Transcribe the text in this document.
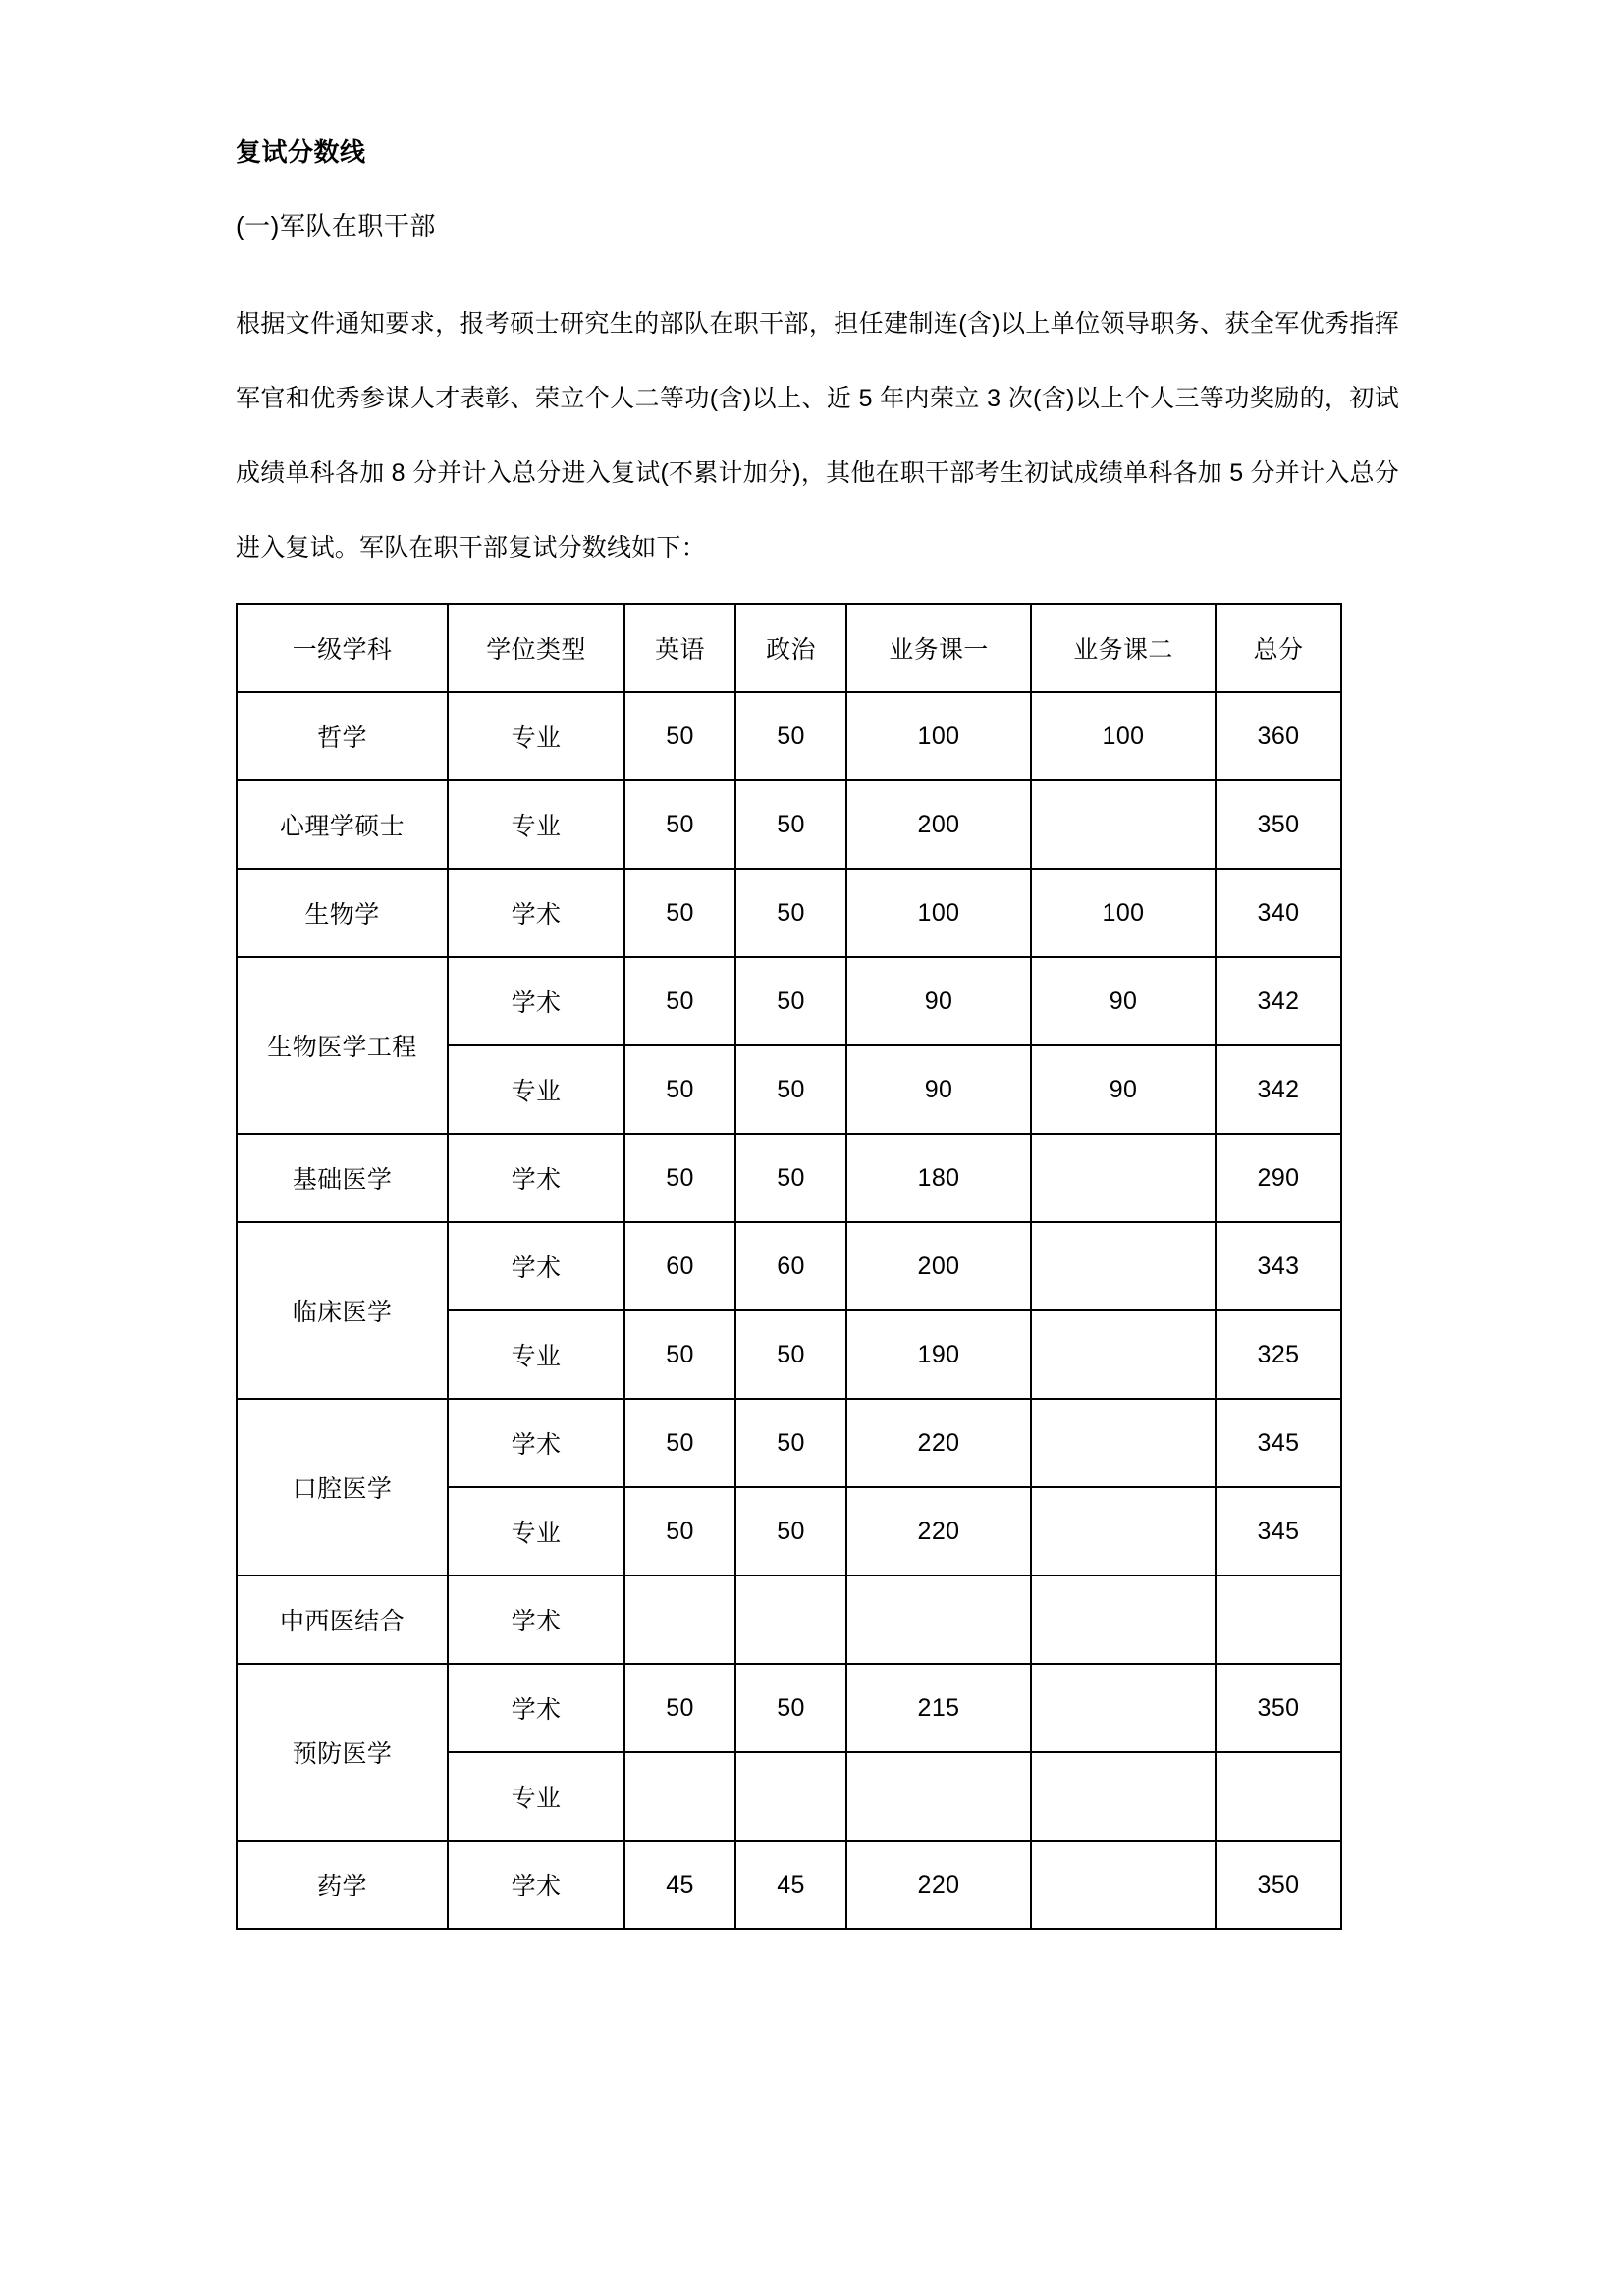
复试分数线
(一)军队在职干部

根据文件通知要求，报考硕士研究生的部队在职干部，担任建制连(含)以上单位领导职务、获全军优秀指挥军官和优秀参谋人才表彰、荣立个人二等功(含)以上、近 5 年内荣立 3 次(含)以上个人三等功奖励的，初试成绩单科各加 8 分并计入总分进入复试(不累计加分)，其他在职干部考生初试成绩单科各加 5 分并计入总分进入复试。军队在职干部复试分数线如下：

一级学科	学位类型	英语	政治	业务课一	业务课二	总分
哲学	专业	50	50	100	100	360
心理学硕士	专业	50	50	200		350
生物学	学术	50	50	100	100	340
生物医学工程	学术	50	50	90	90	342
	专业	50	50	90	90	342
基础医学	学术	50	50	180		290
临床医学	学术	60	60	200		343
	专业	50	50	190		325
口腔医学	学术	50	50	220		345
	专业	50	50	220		345
中西医结合	学术					
预防医学	学术	50	50	215		350
	专业					
药学	学术	45	45	220		350
